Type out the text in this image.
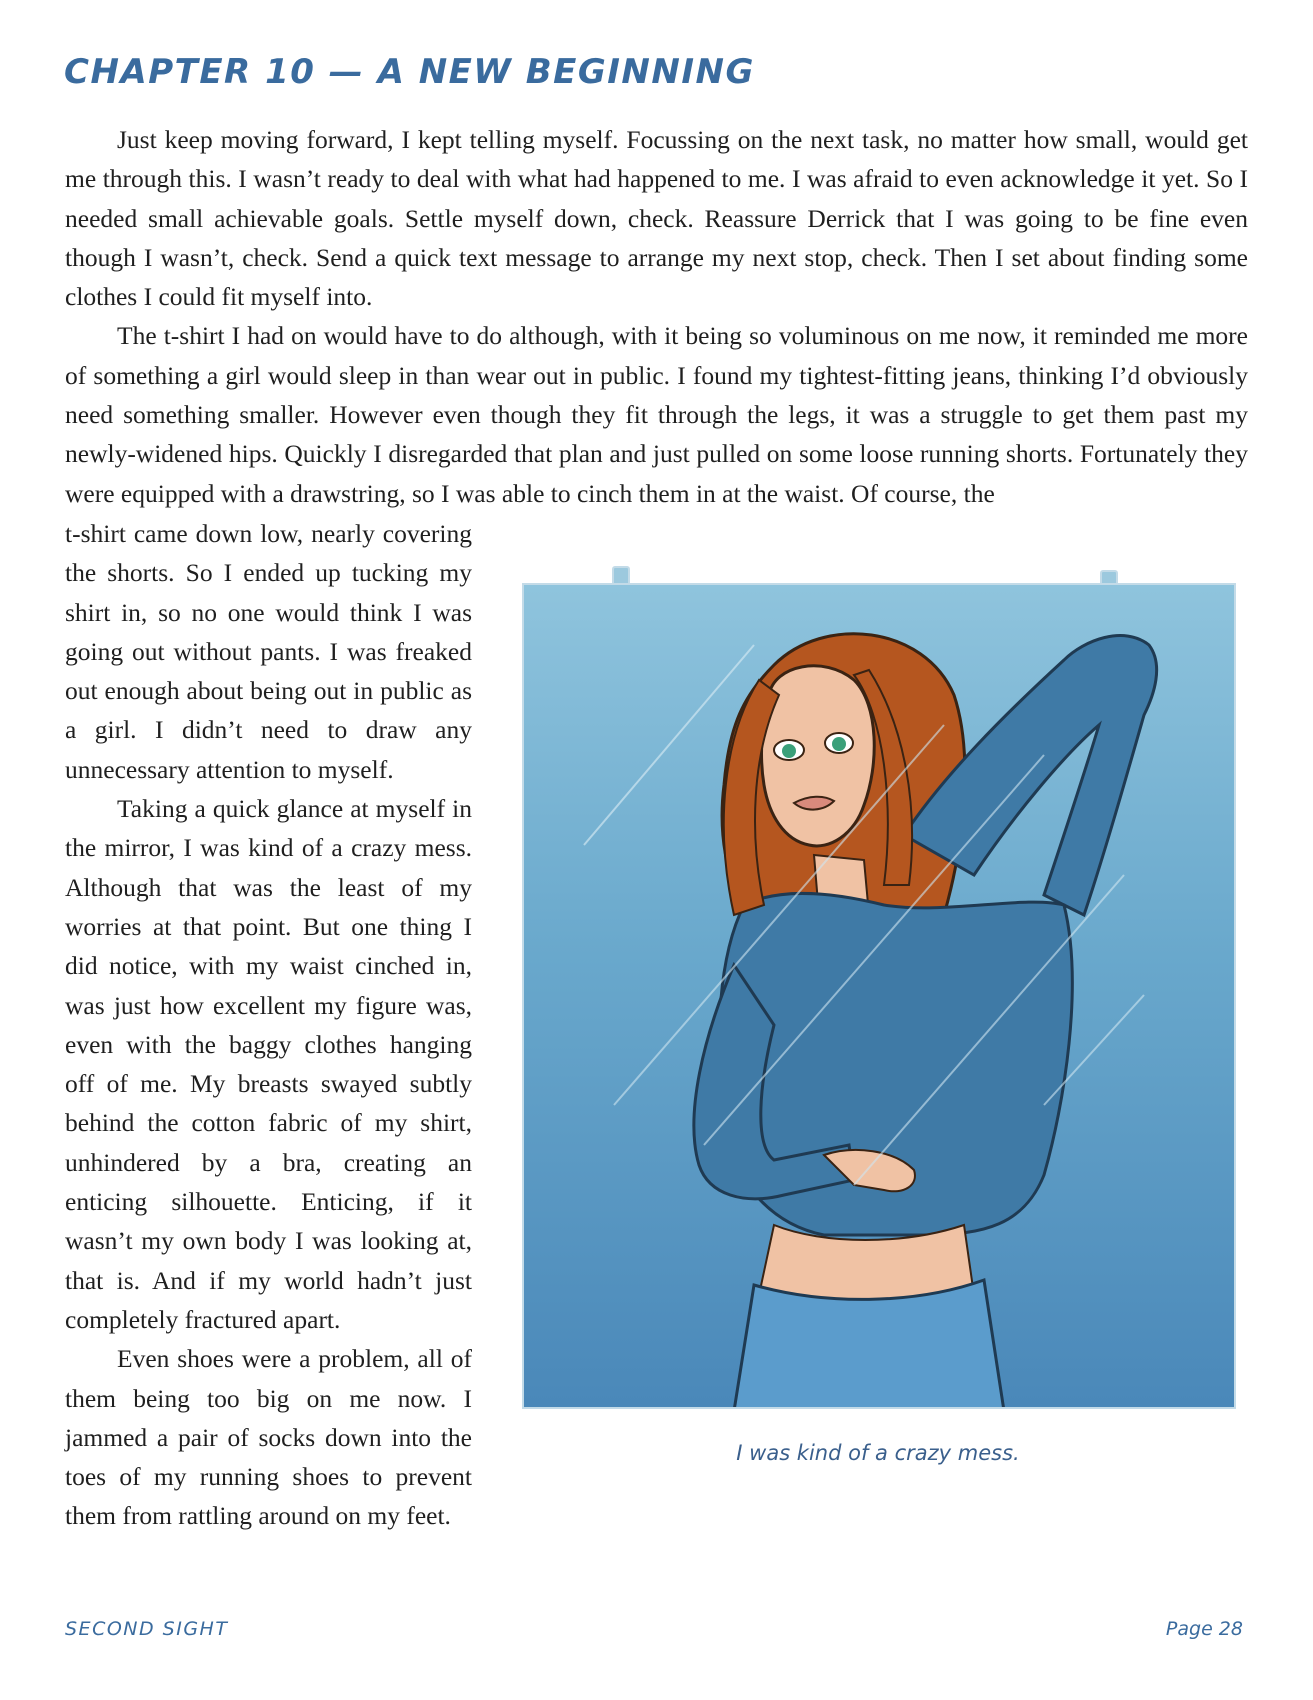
CHAPTER 10 — A NEW BEGINNING

Just keep moving forward, I kept telling myself. Focussing on the next task, no matter how small, would get me through this. I wasn’t ready to deal with what had happened to me. I was afraid to even acknowledge it yet. So I needed small achievable goals. Settle myself down, check. Reassure Derrick that I was going to be fine even though I wasn’t, check. Send a quick text message to arrange my next stop, check. Then I set about finding some clothes I could fit myself into.

The t-shirt I had on would have to do although, with it being so voluminous on me now, it reminded me more of something a girl would sleep in than wear out in public. I found my tightest-fitting jeans, thinking I’d obviously need something smaller. However even though they fit through the legs, it was a struggle to get them past my newly-widened hips. Quickly I disregarded that plan and just pulled on some loose running shorts. Fortunately they were equipped with a drawstring, so I was able to cinch them in at the waist. Of course, the

t-shirt came down low, nearly covering the shorts. So I ended up tucking my shirt in, so no one would think I was going out without pants. I was freaked out enough about being out in public as a girl. I didn’t need to draw any unnecessary attention to myself.

Taking a quick glance at myself in the mirror, I was kind of a crazy mess. Although that was the least of my worries at that point. But one thing I did notice, with my waist cinched in, was just how excellent my figure was, even with the baggy clothes hanging off of me. My breasts swayed subtly behind the cotton fabric of my shirt, unhindered by a bra, creating an enticing silhouette. Enticing, if it wasn’t my own body I was looking at, that is. And if my world hadn’t just completely fractured apart.

Even shoes were a problem, all of them being too big on me now. I jammed a pair of socks down into the toes of my running shoes to prevent them from rattling around on my feet.

I was kind of a crazy mess.
SECOND SIGHT	Page 28
